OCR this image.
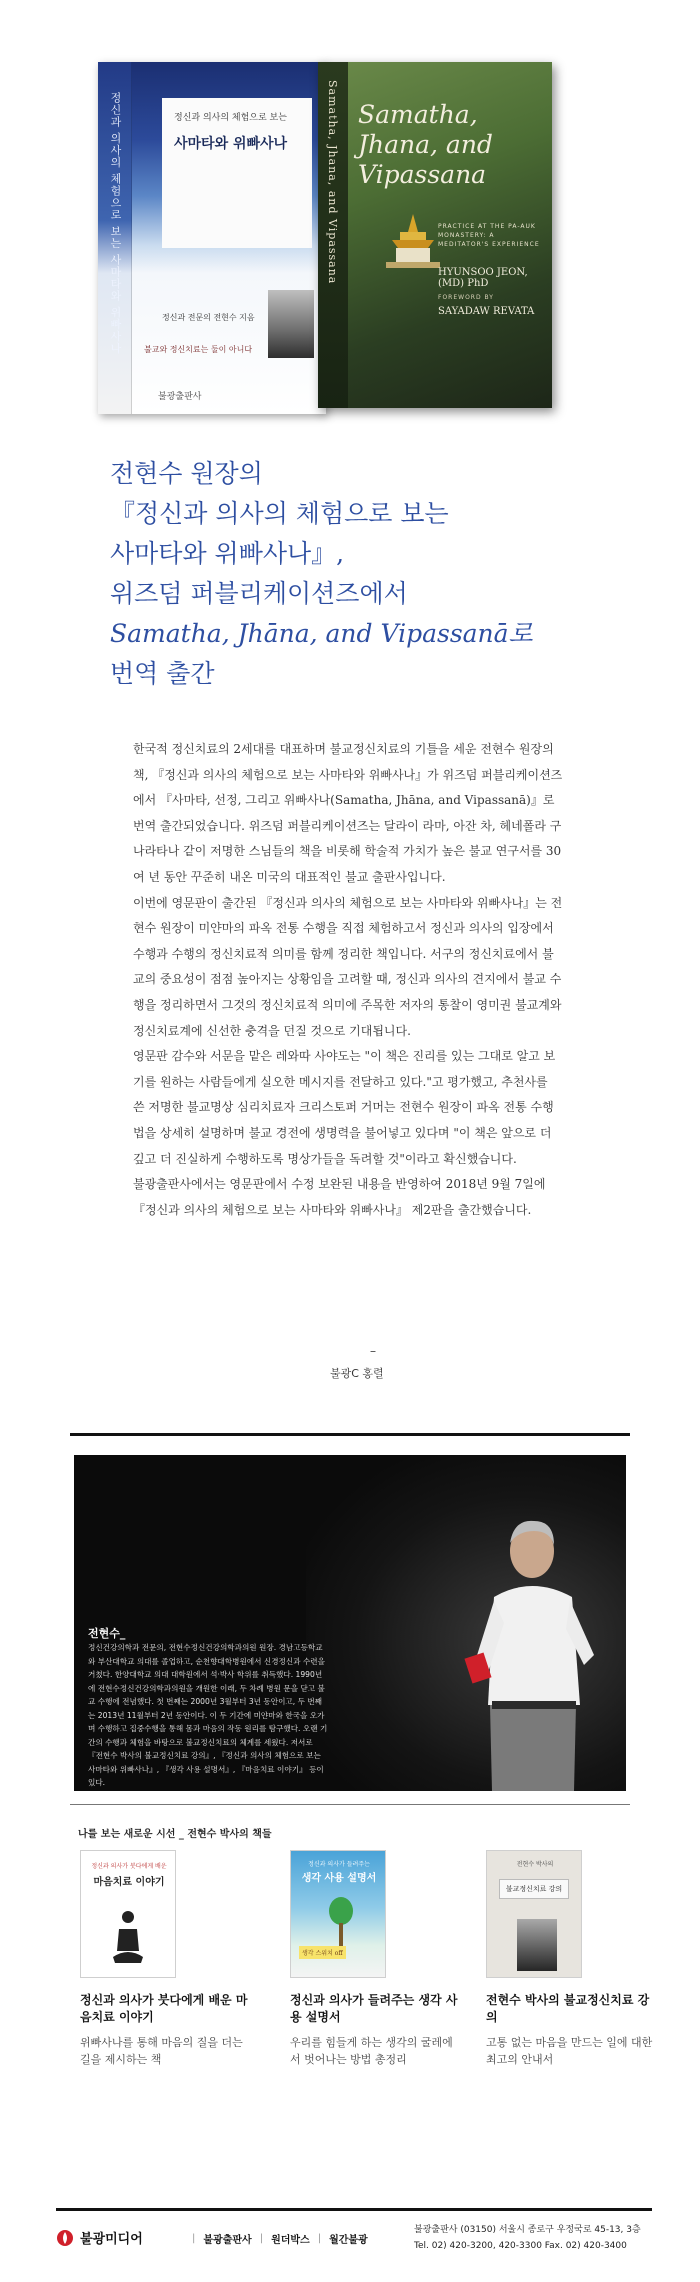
정신과 의사의 체험으로 보는 사마타와 위빠사나	정신과 의사의 체험으로 보는
사마타와 위빠사나
정신과 전문의 전현수 지음
불교와 정신치료는 둘이 아니다
불광출판사
Samatha, Jhana, and Vipassana Samatha, Jhana, and Vipassana
PRACTICE AT THE PA-AUK MONASTERY: A MEDITATOR'S EXPERIENCE
HYUNSOO JEON, (MD) PhD
FOREWORD BY
SAYADAW REVATA
전현수 원장의
『정신과 의사의 체험으로 보는
사마타와 위빠사나』,
위즈덤 퍼블리케이션즈에서
Samatha, Jhāna, and Vipassanā로
번역 출간

한국적 정신치료의 2세대를 대표하며 불교정신치료의 기틀을 세운 전현수 원장의 책, 『정신과 의사의 체험으로 보는 사마타와 위빠사나』가 위즈덤 퍼블리케이션즈에서 『사마타, 선정, 그리고 위빠사나(Samatha, Jhāna, and Vipassanā)』로 번역 출간되었습니다. 위즈덤 퍼블리케이션즈는 달라이 라마, 아잔 차, 헤네폴라 구나라타나 같이 저명한 스님들의 책을 비롯해 학술적 가치가 높은 불교 연구서를 30여 년 동안 꾸준히 내온 미국의 대표적인 불교 출판사입니다.

이번에 영문판이 출간된 『정신과 의사의 체험으로 보는 사마타와 위빠사나』는 전현수 원장이 미얀마의 파옥 전통 수행을 직접 체험하고서 정신과 의사의 입장에서 수행과 수행의 정신치료적 의미를 함께 정리한 책입니다. 서구의 정신치료에서 불교의 중요성이 점점 높아지는 상황임을 고려할 때, 정신과 의사의 견지에서 불교 수행을 정리하면서 그것의 정신치료적 의미에 주목한 저자의 통찰이 영미권 불교계와 정신치료계에 신선한 충격을 던질 것으로 기대됩니다.

영문판 감수와 서문을 맡은 레와따 사야도는 "이 책은 진리를 있는 그대로 알고 보기를 원하는 사람들에게 실오한 메시지를 전달하고 있다."고 평가했고, 추천사를 쓴 저명한 불교명상 심리치료자 크리스토퍼 거머는 전현수 원장이 파옥 전통 수행법을 상세히 설명하며 불교 경전에 생명력을 불어넣고 있다며 "이 책은 앞으로 더 깊고 더 진실하게 수행하도록 명상가들을 독려할 것"이라고 확신했습니다.

불광출판사에서는 영문판에서 수정 보완된 내용을 반영하여 2018년 9월 7일에 『정신과 의사의 체험으로 보는 사마타와 위빠사나』 제2판을 출간했습니다.

–
불광C 홍렬
전현수_
정신건강의학과 전문의, 전현수정신건강의학과의원 원장. 경남고등학교와 부산대학교 의대를 졸업하고, 순천향대학병원에서 신경정신과 수련을 거쳤다. 한양대학교 의대 대학원에서 석·박사 학위를 취득했다. 1990년에 전현수정신건강의학과의원을 개원한 이래, 두 차례 병원 문을 닫고 불교 수행에 전념했다. 첫 번째는 2000년 3월부터 3년 동안이고, 두 번째는 2013년 11월부터 2년 동안이다. 이 두 기간에 미얀마와 한국을 오가며 수행하고 집중수행을 통해 몸과 마음의 작동 원리를 탐구했다. 오랜 기간의 수행과 체험을 바탕으로 불교정신치료의 체계를 세웠다. 저서로 『전현수 박사의 불교정신치료 강의』, 『정신과 의사의 체험으로 보는 사마타와 위빠사나』, 『생각 사용 설명서』, 『마음치료 이야기』 등이 있다.
나를 보는 새로운 시선 _ 전현수 박사의 책들
정신과 의사가 붓다에게 배운
마음치료 이야기
정신과 의사가 붓다에게 배운 마음치료 이야기
위빠사나를 통해 마음의 질을 더는 길을 제시하는 책
정신과 의사가 들려주는
생각 사용 설명서
생각 스위치 off
정신과 의사가 들려주는 생각 사용 설명서
우리를 힘들게 하는 생각의 굴레에서 벗어나는 방법 총정리
전현수 박사의
불교정신치료 강의
전현수 박사의 불교정신치료 강의
고통 없는 마음을 만드는 일에 대한 최고의 안내서
불광미디어	| 불광출판사 | 원더박스 | 월간불광
불광출판사 (03150) 서울시 종로구 우정국로 45-13, 3층
Tel. 02) 420-3200, 420-3300 Fax. 02) 420-3400
